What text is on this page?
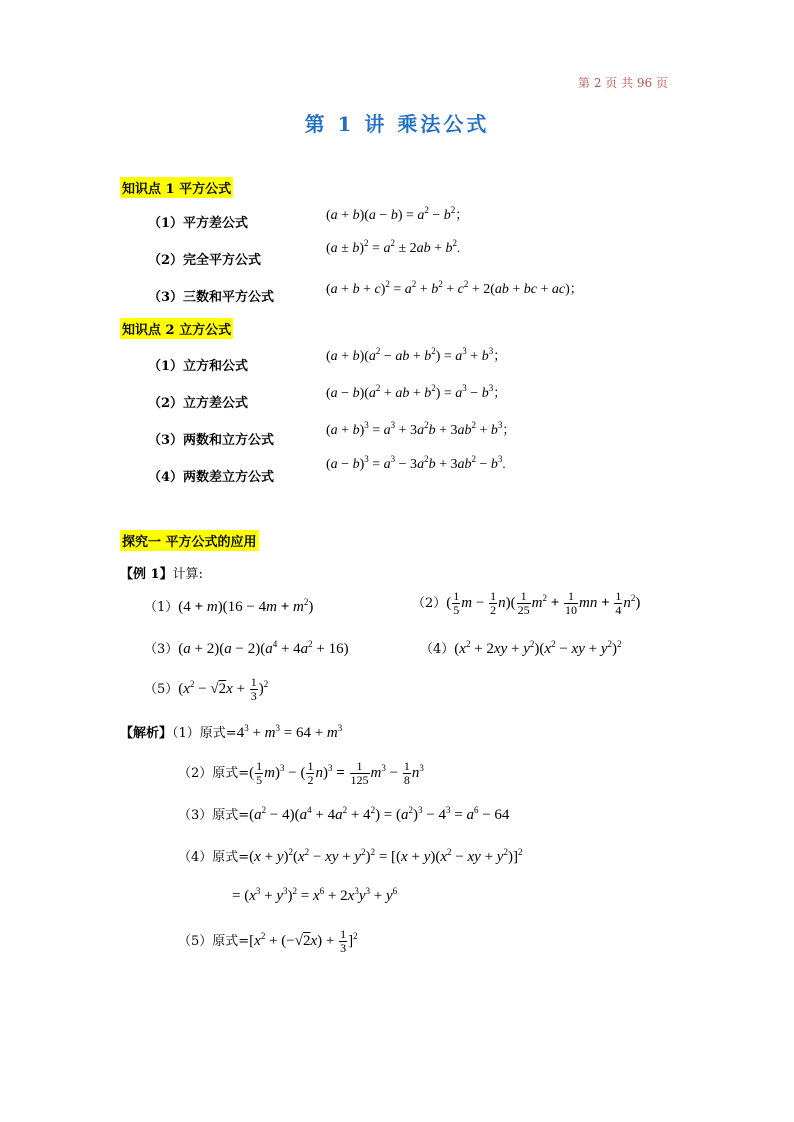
第 2 页 共 96 页
第 1 讲 乘法公式
知识点 1 平方公式
（1）平方差公式
$(a + b)(a - b) = a^2 - b^2$；
（2）完全平方公式
$(a \pm b)^2 = a^2 \pm 2ab + b^2$.
（3）三数和平方公式
$(a + b + c)^2 = a^2 + b^2 + c^2 + 2(ab$ + bc + ac)；
知识点 2 立方公式
（1）立方和公式
$(a + b)(a^2$ − ab + $b^2) = a^3 + b^3$；
（2）立方差公式
$(a - b)(a^2$ + ab + $b^2) = a^3 - b^3$；
（3）两数和立方公式
$(a + b)^3 = a^3 + 3a^2b + 3ab^2 + b^3$；
（4）两数差立方公式
$(a - b)^3 = a^3 - 3a^2b + 3ab^2 - b^3$.
探究一 平方公式的应用
【例 1】计算:
$(1)(4 + m)(16 - 4m + m^2)$	$(2)( \frac{1}{5}$ $m - \frac{1}{2} n)( \frac{1}{25} m^2 + \frac{1}{10}$ mn + $\frac{1}{4} n^2$)
$(3)(a + 2)(a - 2)(a^4 + 4a^2 + 16)$	$(4)(x^2 + 2xy + y^2)(x^2$ − xy + $y^2)^2$
$(5)(x^2 - √2x + \frac{1}{3} )^2$
【解析】（1）原式$=4^3 + m^3 = 64 + m^3$
（2）原式=( $\frac{1}{5} m)^3$ − ( $\frac{1}{2} n)^3 = \frac{1}{125} m^3 - \frac{1}{8} n^3$
（3）原式$=(a^2 - 4)(a^4 + 4a^2 + 4^2) = (a^2)^3 - 4^3 = a^6 - 64$
（4）原式$=(x + y)^2(x^2$ − xy + $y^2)^2 = [(x + y)(x^2$ − xy + $y^2)]^2$
= $(x^3 + y^3)^2 = x^6 + 2x^3y^3 + y^6$
（5）原式$=[x^2 + (-√2x) + \frac{1}{3} ]^2$
